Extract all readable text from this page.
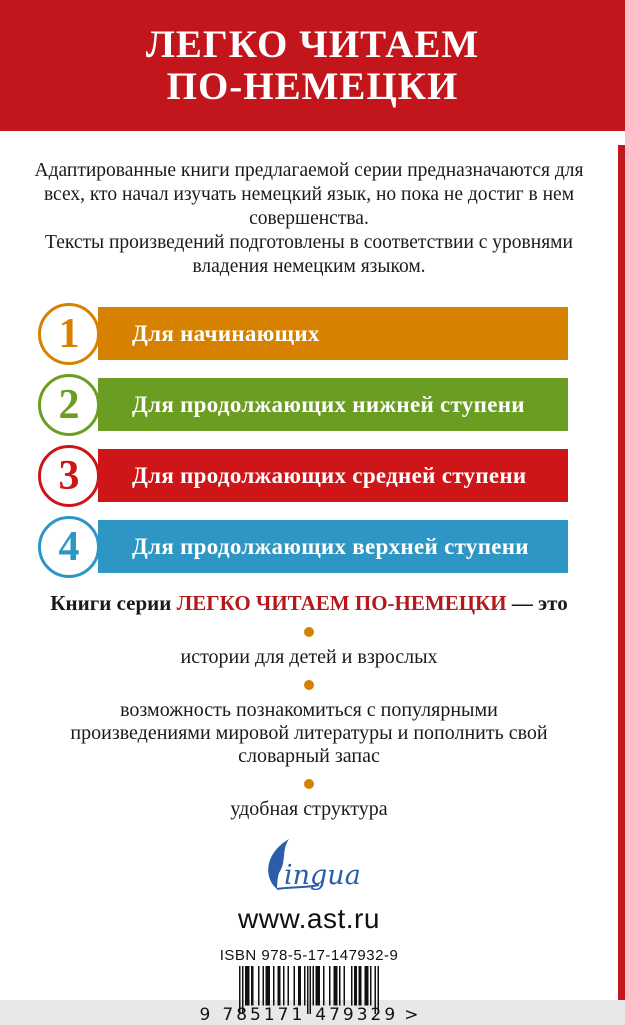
ЛЕГКО ЧИТАЕМ
ПО-НЕМЕЦКИ

Адаптированные книги предлагаемой серии предназначаются для всех, кто начал изучать немецкий язык, но пока не достиг в нем совершенства.

Тексты произведений подготовлены в соответствии с уровнями владения немецким языком.

Для начинающих
1
Для продолжающих нижней ступени
2
Для продолжающих средней ступени
3
Для продолжающих верхней ступени
4
Книги серии ЛЕГКО ЧИТАЕМ ПО-НЕМЕЦКИ — это
истории для детей и взрослых
возможность познакомиться с популярными произведениями мировой литературы и пополнить свой словарный запас
удобная структура
ingua
www.ast.ru
ISBN 978-5-17-147932-9
9 785171 479329 >
